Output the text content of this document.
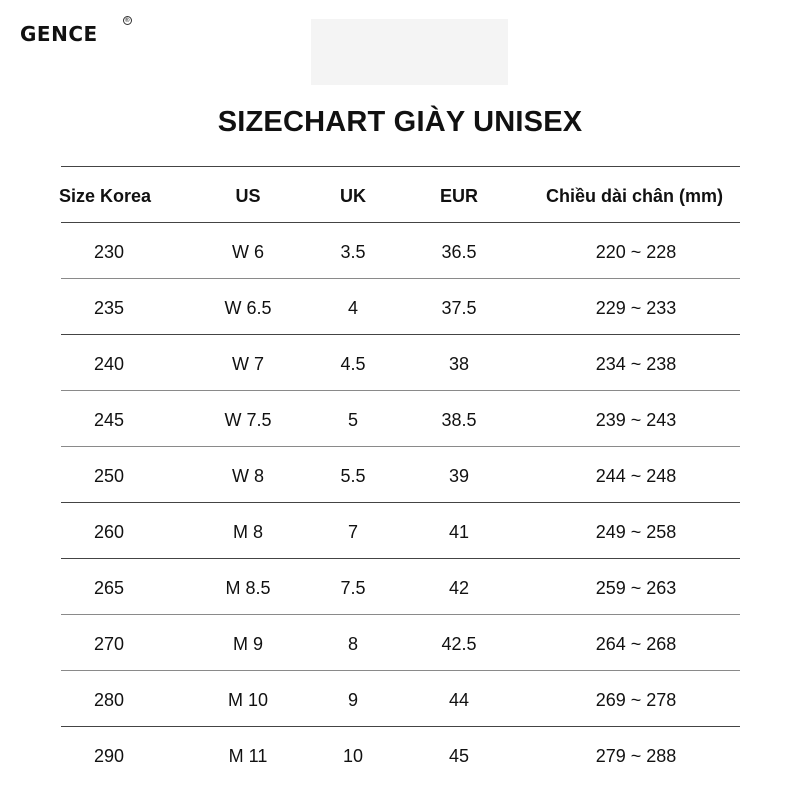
GENCE
®
SIZECHART GIÀY UNISEX
Size Korea	US	UK	EUR	Chiều dài chân (mm)
230	W 6	3.5	36.5	220 ~ 228
235	W 6.5	4	37.5	229 ~ 233
240	W 7	4.5	38	234 ~ 238
245	W 7.5	5	38.5	239 ~ 243
250	W 8	5.5	39	244 ~ 248
260	M 8	7	41	249 ~ 258
265	M 8.5	7.5	42	259 ~ 263
270	M 9	8	42.5	264 ~ 268
280	M 10	9	44	269 ~ 278
290	M 11	10	45	279 ~ 288
